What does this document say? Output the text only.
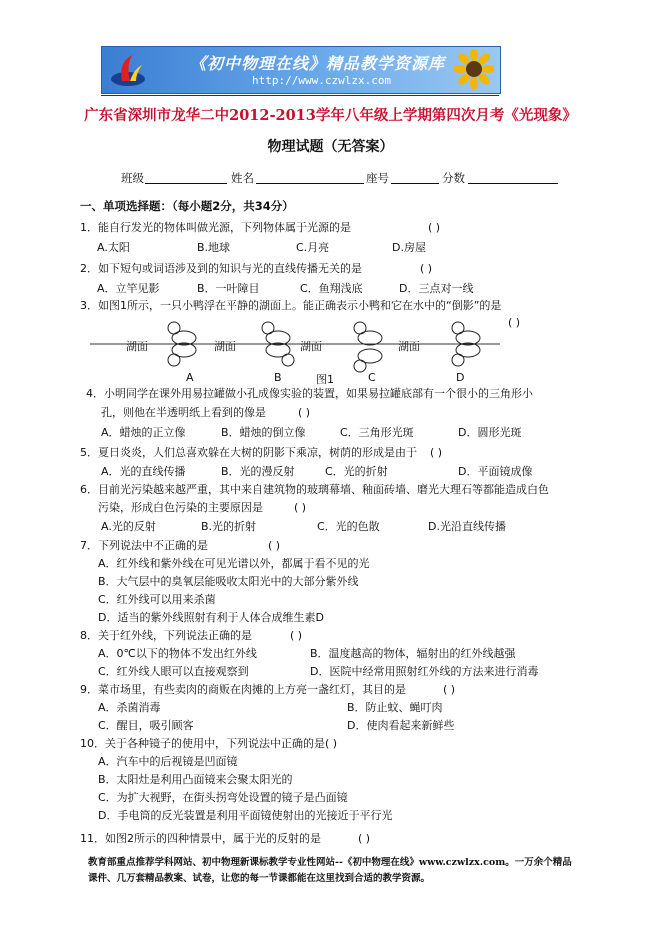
《初中物理在线》精品教学资源库
http://www.czwlzx.com
广东省深圳市龙华二中2012-2013学年八年级上学期第四次月考《光现象》
物理试题（无答案）
班级	姓名	座号	分数
一、单项选择题：（每小题2分，共34分）
1．能自行发光的物体叫做光源，下列物体属于光源的是	( )
A.太阳	B.地球	C.月亮	D.房屋
2．如下短句或词语涉及到的知识与光的直线传播无关的是	( )
A．立竿见影	B．一叶障目	C．鱼翔浅底	D．三点对一线
3．如图1所示，一只小鸭浮在平静的湖面上。能正确表示小鸭和它在水中的“倒影”的是
( )
湖面	湖面	湖面	湖面
A	B	图1	C	D
4．小明同学在课外用易拉罐做小孔成像实验的装置，如果易拉罐底部有一个很小的三角形小
孔，则他在半透明纸上看到的像是	( )
A．蜡烛的正立像	B．蜡烛的倒立像	C．三角形光斑	D．圆形光斑
5．夏日炎炎，人们总喜欢躲在大树的阴影下乘凉，树荫的形成是由于 ( )
A．光的直线传播	B．光的漫反射	C．光的折射	D．平面镜成像
6．目前光污染越来越严重，其中来自建筑物的玻璃幕墙、釉面砖墙、磨光大理石等都能造成白色
污染，形成白色污染的主要原因是	( )
A.光的反射	B.光的折射	C．光的色散	D.光沿直线传播
7．下列说法中不正确的是	( )
A．红外线和紫外线在可见光谱以外，都属于看不见的光
B．大气层中的臭氧层能吸收太阳光中的大部分紫外线
C．红外线可以用来杀菌
D．适当的紫外线照射有利于人体合成维生素D
8．关于红外线，下列说法正确的是	( )
A．0℃以下的物体不发出红外线	B．温度越高的物体，辐射出的红外线越强
C．红外线人眼可以直接观察到	D．医院中经常用照射红外线的方法来进行消毒
9．菜市场里，有些卖肉的商贩在肉摊的上方亮一盏红灯，其目的是	( )
A．杀菌消毒	B．防止蚊、蝇叮肉
C．醒目，吸引顾客	D．使肉看起来新鲜些
10．关于各种镜子的使用中，下列说法中正确的是 ( )
A．汽车中的后视镜是凹面镜
B．太阳灶是利用凸面镜来会聚太阳光的
C．为扩大视野，在街头拐弯处设置的镜子是凸面镜
D．手电筒的反光装置是利用平面镜使射出的光接近于平行光
11．如图2所示的四种情景中，属于光的反射的是	( )
教育部重点推荐学科网站、初中物理新课标教学专业性网站--《初中物理在线》www.czwlzx.com。一万余个精品课件、几万套精品教案、试卷，让您的每一节课都能在这里找到合适的教学资源。
